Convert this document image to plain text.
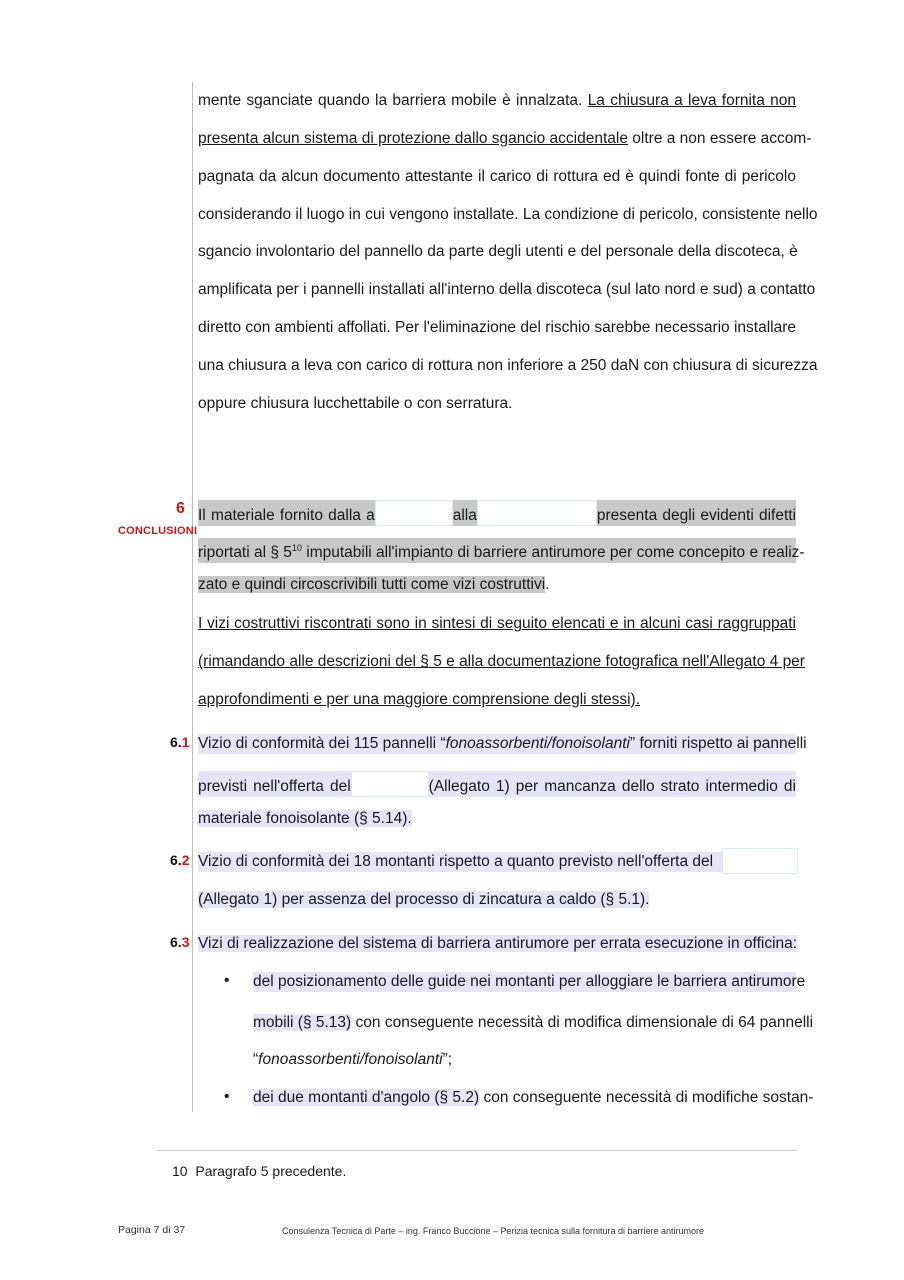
mente sganciate quando la barriera mobile è innalzata. La chiusura a leva fornita non
presenta alcun sistema di protezione dallo sgancio accidentale oltre a non essere accom-
pagnata da alcun documento attestante il carico di rottura ed è quindi fonte di pericolo
considerando il luogo in cui vengono installate. La condizione di pericolo, consistente nello
sgancio involontario del pannello da parte degli utenti e del personale della discoteca, è
amplificata per i pannelli installati all'interno della discoteca (sul lato nord e sud) a contatto
diretto con ambienti affollati. Per l'eliminazione del rischio sarebbe necessario installare
una chiusura a leva con carico di rottura non inferiore a 250 daN con chiusura di sicurezza
oppure chiusura lucchettabile o con serratura.
6
CONCLUSIONI
Il materiale fornito dalla a	alla	presenta degli evidenti difetti
riportati al § $5^{10}$ imputabili all'impianto di barriere antirumore per come concepito e realiz-
zato e quindi circoscrivibili tutti come vizi costruttivi.
I vizi costruttivi riscontrati sono in sintesi di seguito elencati e in alcuni casi raggruppati
(rimandando alle descrizioni del § 5 e alla documentazione fotografica nell'Allegato 4 per
approfondimenti e per una maggiore comprensione degli stessi).
6.1 Vizio di conformità dei 115 pannelli “fonoassorbenti/fonoisolanti” forniti rispetto ai pannelli
previsti nell'offerta del	(Allegato 1) per mancanza dello strato intermedio di
materiale fonoisolante (§ 5.14).
6.2 Vizio di conformità dei 18 montanti rispetto a quanto previsto nell'offerta del
(Allegato 1) per assenza del processo di zincatura a caldo (§ 5.1).
6.3 Vizi di realizzazione del sistema di barriera antirumore per errata esecuzione in officina:
• del posizionamento delle guide nei montanti per alloggiare le barriera antirumore
mobili (§ 5.13) con conseguente necessità di modifica dimensionale di 64 pannelli
“fonoassorbenti/fonoisolanti”;
• dei due montanti d'angolo (§ 5.2) con conseguente necessità di modifiche sostan-
10 Paragrafo 5 precedente.
Pagina 7 di 37	Consulenza Tecnica di Parte – ing. Franco Buccione – Perizia tecnica sulla fornitura di barriere antirumore
